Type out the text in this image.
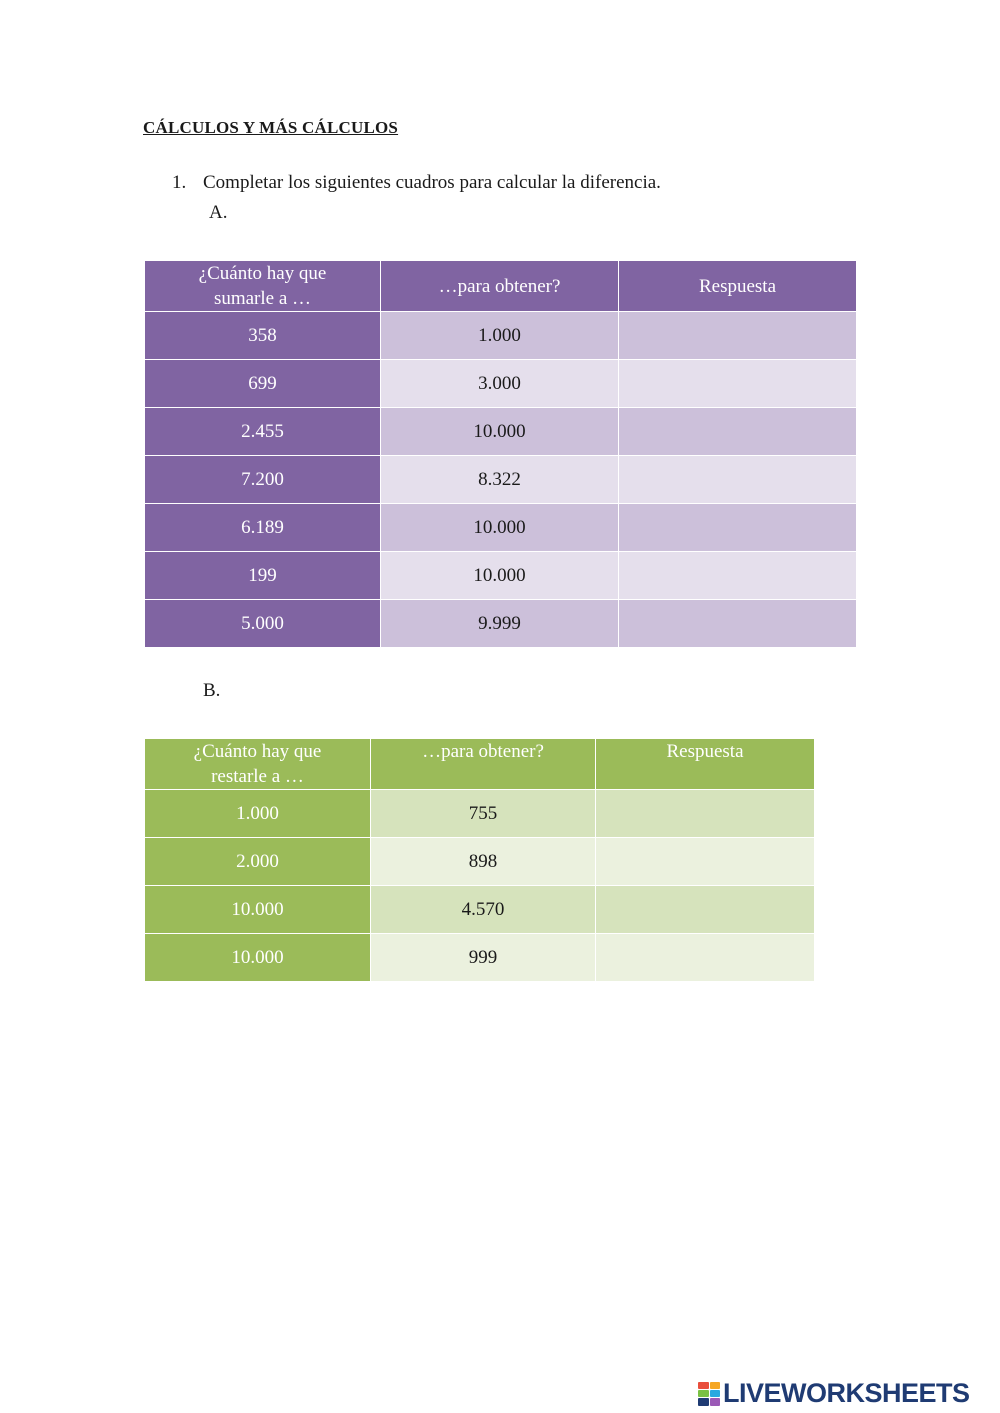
CÁLCULOS Y MÁS CÁLCULOS
1. Completar los siguientes cuadros para calcular la diferencia.
A.
¿Cuánto hay que sumarle a …	…para obtener?	Respuesta
358	1.000	
699	3.000	
2.455	10.000	
7.200	8.322	
6.189	10.000	
199	10.000	
5.000	9.999	
B.
¿Cuánto hay que restarle a …	…para obtener?	Respuesta
1.000	755	
2.000	898	
10.000	4.570	
10.000	999	
LIVEWORKSHEETS
